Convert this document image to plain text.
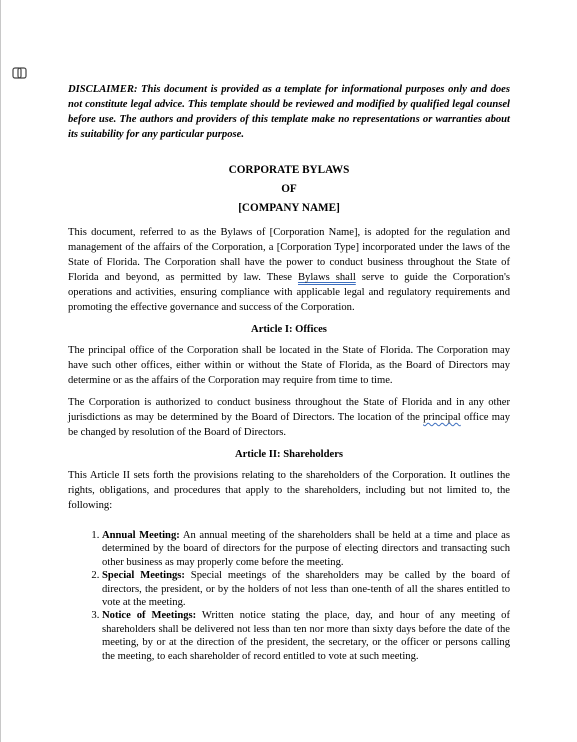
DISCLAIMER: This document is provided as a template for informational purposes only and does not constitute legal advice. This template should be reviewed and modified by qualified legal counsel before use. The authors and providers of this template make no representations or warranties about its suitability for any particular purpose.

CORPORATE BYLAWS
OF
[COMPANY NAME]

This document, referred to as the Bylaws of [Corporation Name], is adopted for the regulation and management of the affairs of the Corporation, a [Corporation Type] incorporated under the laws of the State of Florida. The Corporation shall have the power to conduct business throughout the State of Florida and beyond, as permitted by law. These Bylaws shall serve to guide the Corporation's operations and activities, ensuring compliance with applicable legal and regulatory requirements and promoting the effective governance and success of the Corporation.

Article I: Offices

The principal office of the Corporation shall be located in the State of Florida. The Corporation may have such other offices, either within or without the State of Florida, as the Board of Directors may determine or as the affairs of the Corporation may require from time to time.

The Corporation is authorized to conduct business throughout the State of Florida and in any other jurisdictions as may be determined by the Board of Directors. The location of the principal office may be changed by resolution of the Board of Directors.

Article II: Shareholders

This Article II sets forth the provisions relating to the shareholders of the Corporation. It outlines the rights, obligations, and procedures that apply to the shareholders, including but not limited to, the following:

1. Annual Meeting: An annual meeting of the shareholders shall be held at a time and place as determined by the board of directors for the purpose of electing directors and transacting such other business as may properly come before the meeting.
2. Special Meetings: Special meetings of the shareholders may be called by the board of directors, the president, or by the holders of not less than one-tenth of all the shares entitled to vote at the meeting.
3. Notice of Meetings: Written notice stating the place, day, and hour of any meeting of shareholders shall be delivered not less than ten nor more than sixty days before the date of the meeting, by or at the direction of the president, the secretary, or the officer or persons calling the meeting, to each shareholder of record entitled to vote at such meeting.
